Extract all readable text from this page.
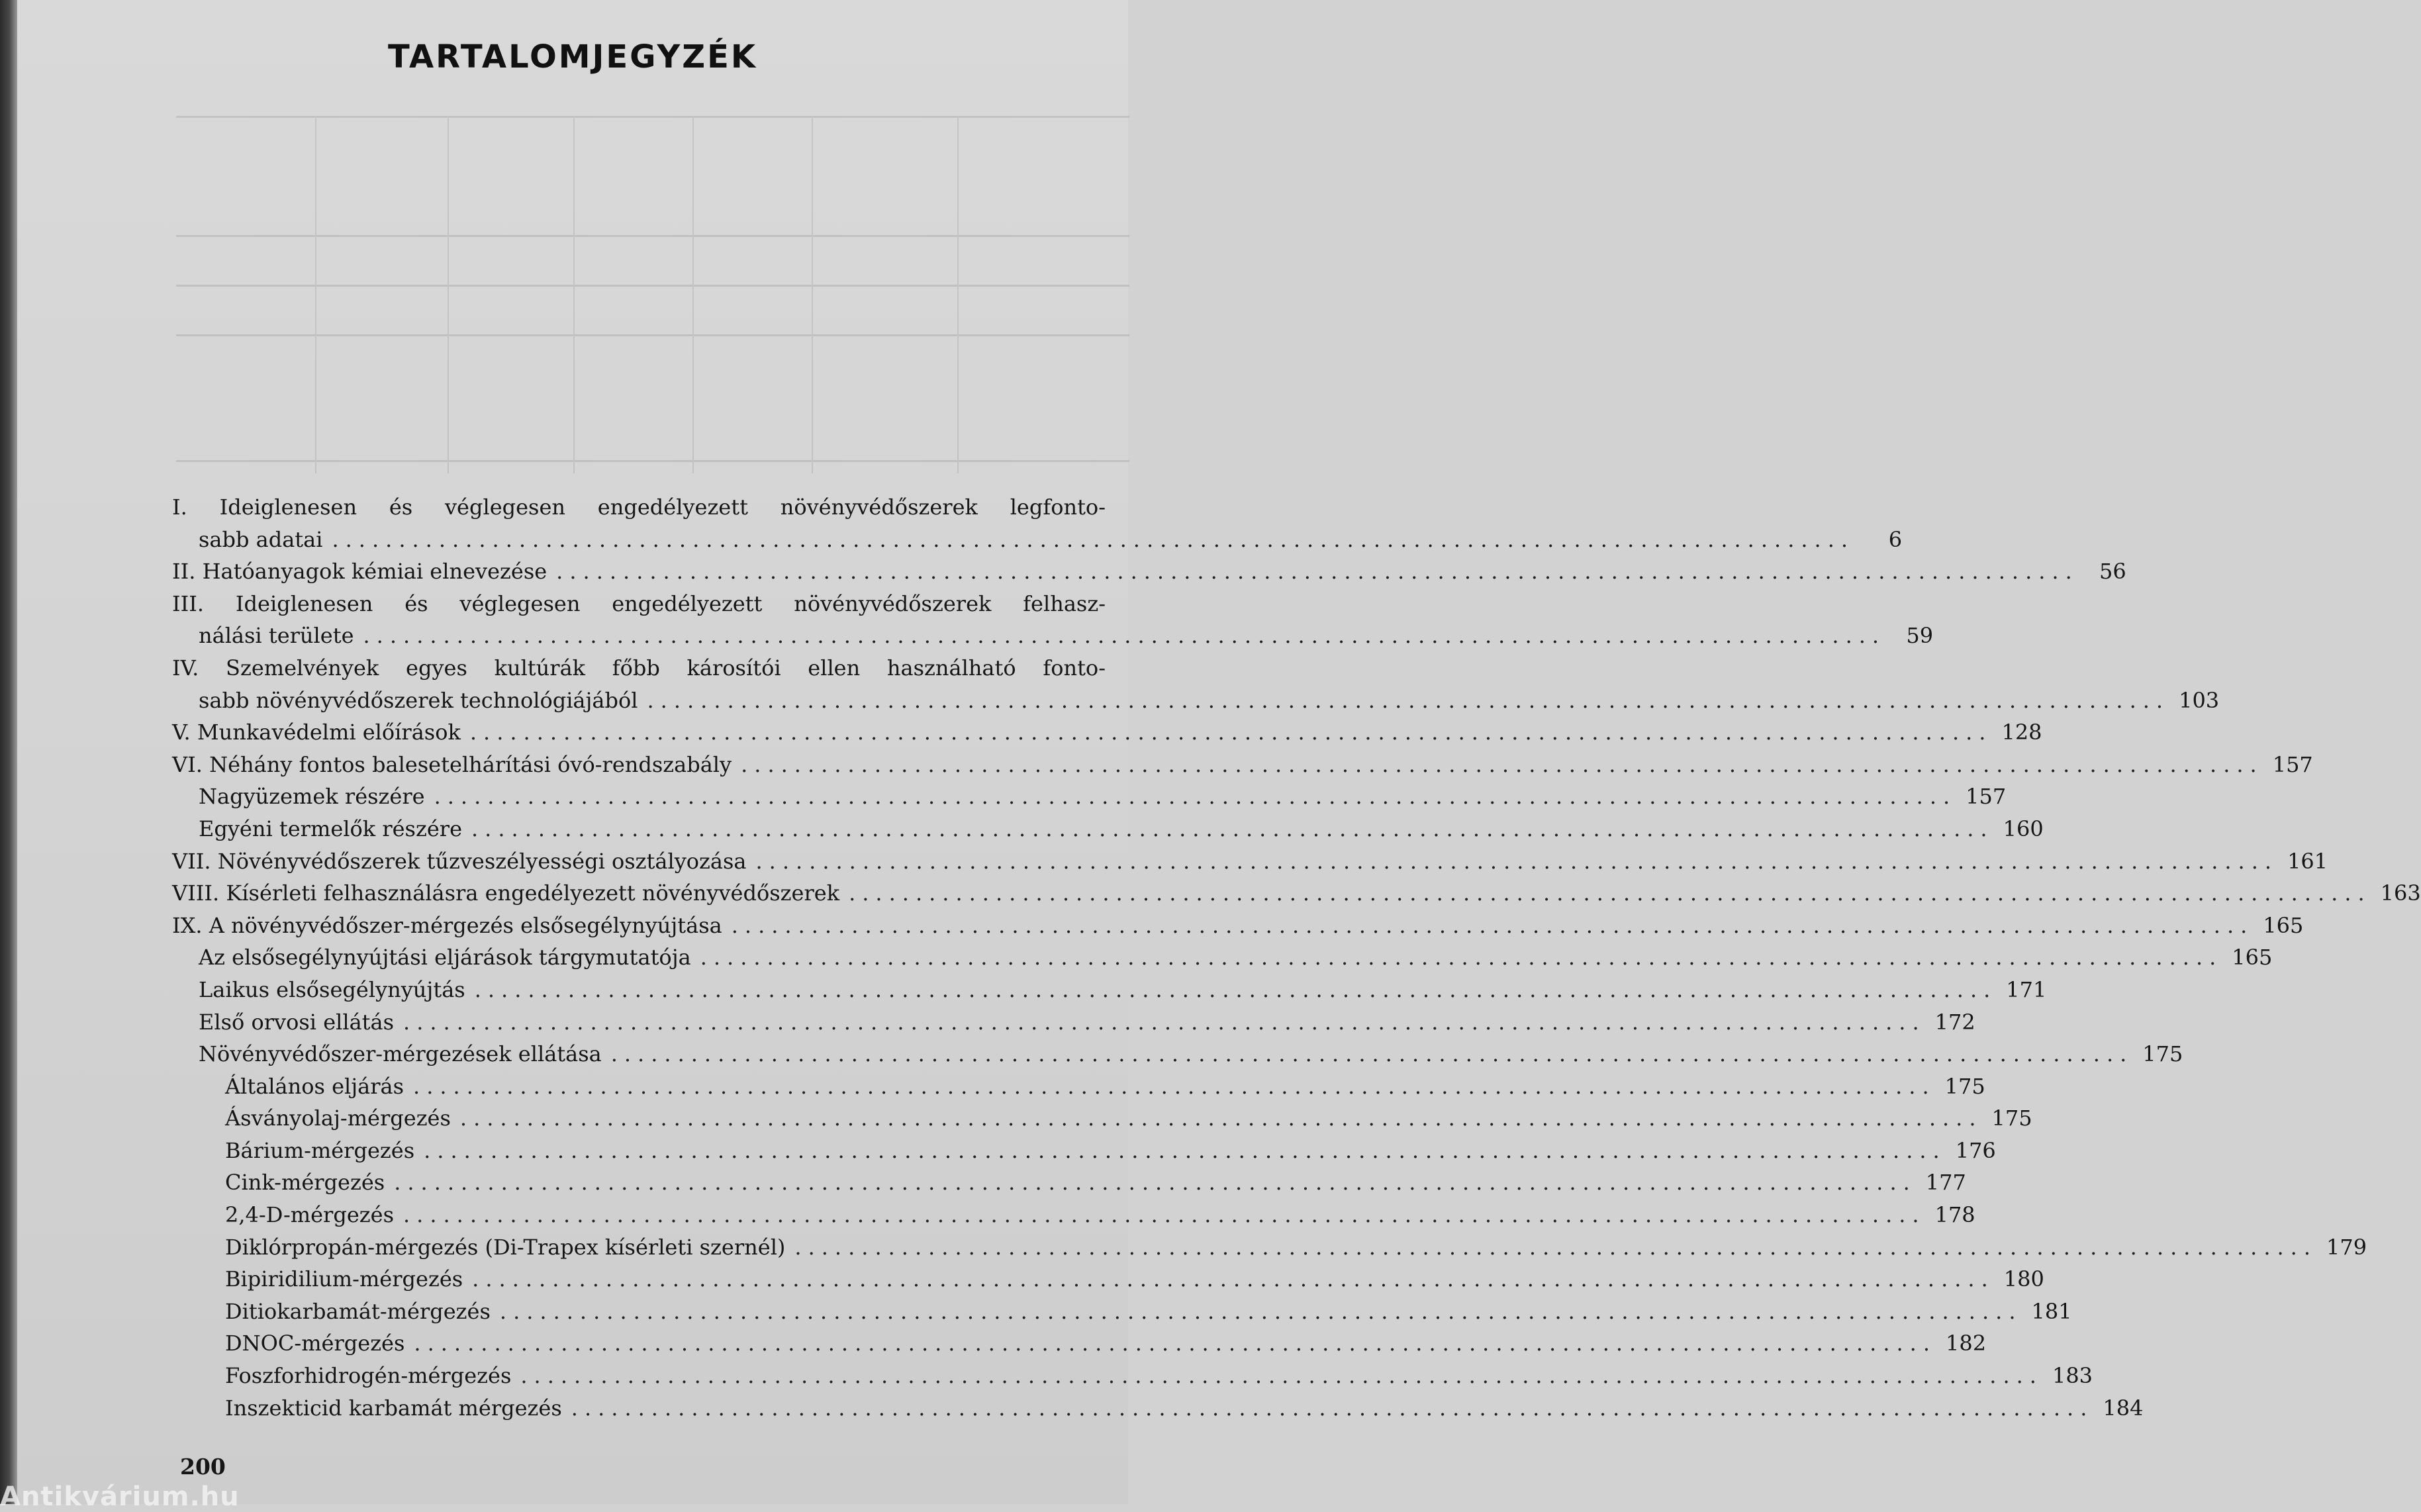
TARTALOMJEGYZÉK
I. Ideiglenesen és véglegesen engedélyezett növényvédőszerek legfonto-
sabb adatai ..................................................................................................................	6
II. Hatóanyagok kémiai elnevezése .................................................................................................................. 56
III. Ideiglenesen és véglegesen engedélyezett növényvédőszerek felhasz-
nálási területe .................................................................................................................. 59
IV. Szemelvények egyes kultúrák főbb károsítói ellen használható fonto-
sabb növényvédőszerek technológiájából .................................................................................................................. 103
V. Munkavédelmi előírások .................................................................................................................. 128
VI. Néhány fontos balesetelhárítási óvó-rendszabály .................................................................................................................. 157
Nagyüzemek részére .................................................................................................................. 157
Egyéni termelők részére .................................................................................................................. 160
VII. Növényvédőszerek tűzveszélyességi osztályozása .................................................................................................................. 161
VIII. Kísérleti felhasználásra engedélyezett növényvédőszerek .................................................................................................................. 163
IX. A növényvédőszer-mérgezés elsősegélynyújtása .................................................................................................................. 165
Az elsősegélynyújtási eljárások tárgymutatója .................................................................................................................. 165
Laikus elsősegélynyújtás .................................................................................................................. 171
Első orvosi ellátás .................................................................................................................. 172
Növényvédőszer-mérgezések ellátása .................................................................................................................. 175
Általános eljárás .................................................................................................................. 175
Ásványolaj-mérgezés .................................................................................................................. 175
Bárium-mérgezés .................................................................................................................. 176
Cink-mérgezés .................................................................................................................. 177
2,4-D-mérgezés .................................................................................................................. 178
Diklórpropán-mérgezés (Di-Trapex kísérleti szernél) .................................................................................................................. 179
Bipiridilium-mérgezés .................................................................................................................. 180
Ditiokarbamát-mérgezés .................................................................................................................. 181
DNOC-mérgezés .................................................................................................................. 182
Foszforhidrogén-mérgezés .................................................................................................................. 183
Inszekticid karbamát mérgezés .................................................................................................................. 184
200
Antikvárium.hu
